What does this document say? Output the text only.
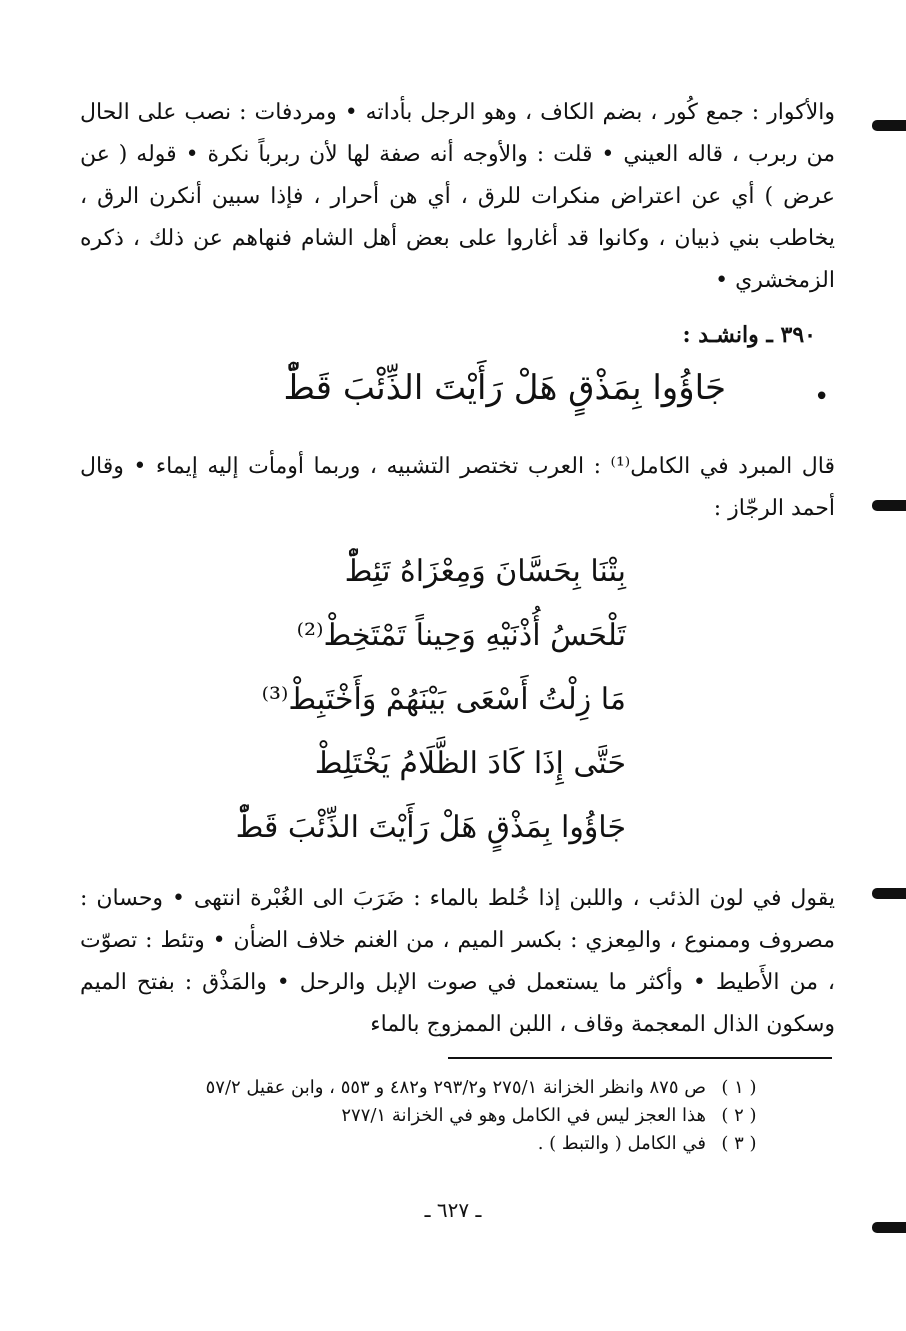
والأكوار : جمع كُور ، بضم الكاف ، وهو الرجل بأداته • ومردفات : نصب على الحال من ربرب ، قاله العيني • قلت : والأوجه أنه صفة لها لأن ربرباً نكرة • قوله ( عن عرض ) أي عن اعتراض منكرات للرق ، أي هن أحرار ، فإذا سبين أنكرن الرق ، يخاطب بني ذبيان ، وكانوا قد أغاروا على بعض أهل الشام فنهاهم عن ذلك ، ذكره الزمخشري •

٣٩٠ ـ وانشـد :

جَاؤُوا بِمَذْقٍ هَلْ رَأَيْتَ الذِّئْبَ قَطّْ	•

قال المبرد في الكامل⁽¹⁾ : العرب تختصر التشبيه ، وربما أومأت إليه إيماء • وقال أحمد الرجّاز :

بِتْنَا بِحَسَّانَ وَمِعْزَاهُ تَئِطّْ
تَلْحَسُ أُذْنَيْهِ وَحِيناً تَمْتَخِطْ⁽²⁾
مَا زِلْتُ أَسْعَى بَيْنَهُمْ وَأَخْتَبِطْ⁽³⁾
حَتَّى إِذَا كَادَ الظَّلَامُ يَخْتَلِطْ
جَاؤُوا بِمَذْقٍ هَلْ رَأَيْتَ الذِّئْبَ قَطّْ

يقول في لون الذئب ، واللبن إذا خُلط بالماء : ضَرَبَ الى الغُبْرة انتهى • وحسان : مصروف وممنوع ، والمِعزي : بكسر الميم ، من الغنم خلاف الضأن • وتئط : تصوّت ، من الأَطيط • وأكثر ما يستعمل في صوت الإبل والرحل • والمَذْق : بفتح الميم وسكون الذال المعجمة وقاف ، اللبن الممزوج بالماء

( ١ )
ص ٨٧٥ وانظر الخزانة ٢٧٥/١ و٢٩٣/٢ و٤٨٢ و ٥٥٣ ، وابن عقيل ٥٧/٢
( ٢ )
هذا العجز ليس في الكامل وهو في الخزانة ٢٧٧/١
( ٣ )
في الكامل ( والتبط ) .
ـ ٦٢٧ ـ
